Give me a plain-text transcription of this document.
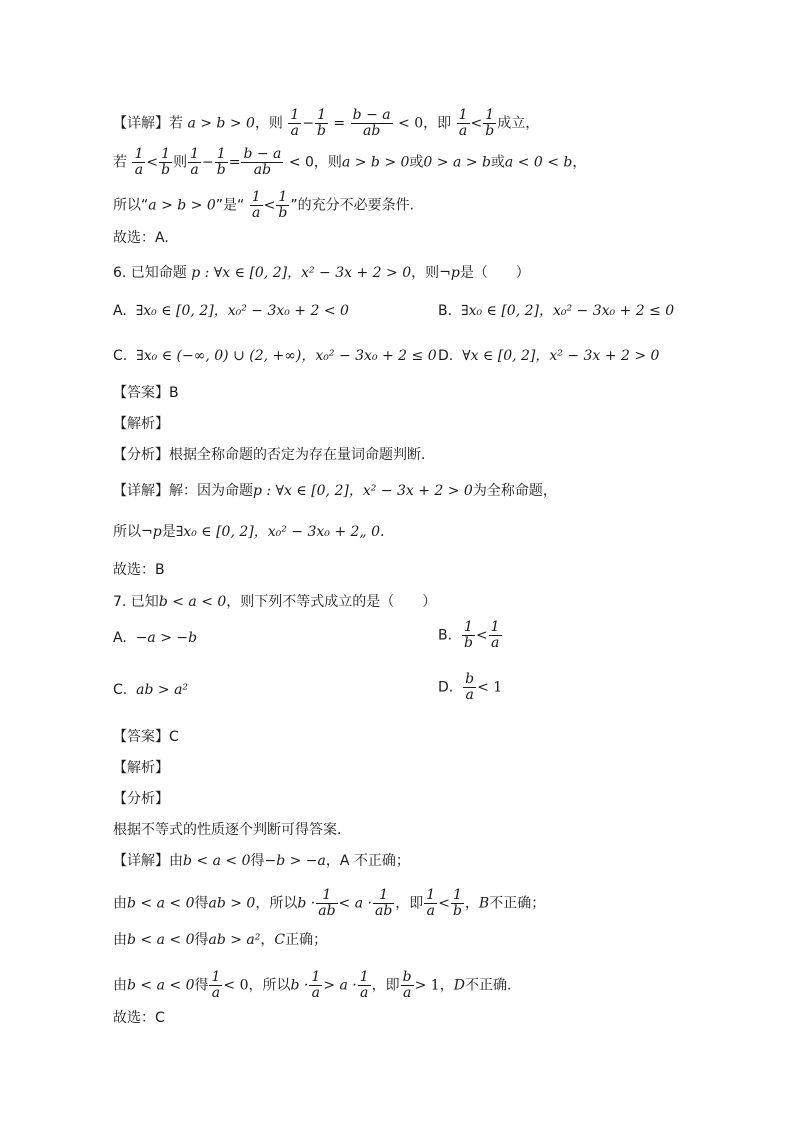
【详解】若 a > b > 0，则 $\frac{1}{a} - \frac{1}{b} = \frac{b - a}{ab} < 0$，即 $\frac{1}{a} < \frac{1}{b}$ 成立，
若 $\frac{1}{a} < \frac{1}{b}$ 则 $\frac{1}{a} - \frac{1}{b} = \frac{b - a}{ab} < 0$，则a > b > 0或0 > a > b或a < 0 < b，
所以“a > b > 0”是“ $\frac{1}{a} < \frac{1}{b}$ ”的充分不必要条件.
故选：A.
6. 已知命题 p : ∀x ∈ [0, 2]，x² − 3x + 2 > 0，则¬p是（　　）
A. ∃x₀ ∈ [0, 2]，x₀² − 3x₀ + 2 < 0	B. ∃x₀ ∈ [0, 2]，x₀² − 3x₀ + 2 ≤ 0
C. ∃x₀ ∈ (−∞, 0) ∪ (2, +∞)，x₀² − 3x₀ + 2 ≤ 0 D. ∀x ∈ [0, 2]，x² − 3x + 2 > 0
【答案】B
【解析】
【分析】根据全称命题的否定为存在量词命题判断.
【详解】解：因为命题p : ∀x ∈ [0, 2]，x² − 3x + 2 > 0为全称命题，
所以¬p是∃x₀ ∈ [0, 2]，x₀² − 3x₀ + 2„ 0.
故选：B
7. 已知b < a < 0，则下列不等式成立的是（　　）
A. −a > −b	B. $\frac{1}{b} < \frac{1}{a}$
C. ab > a²	D. $\frac{b}{a} < 1$
【答案】C
【解析】
【分析】
根据不等式的性质逐个判断可得答案.
【详解】由b < a < 0得−b > −a，A 不正确；
由b < a < 0得ab > 0，所以$b \cdot \frac{1}{ab} < a \cdot \frac{1}{ab}$ ，即 $\frac{1}{a} < \frac{1}{b}$ ，B不正确；
由b < a < 0得ab > a²，C正确；
由b < a < 0得 $\frac{1}{a} < 0$，所以$b \cdot \frac{1}{a} > a \cdot \frac{1}{a}$ ，即 $\frac{b}{a} > 1$，D不正确.
故选：C
